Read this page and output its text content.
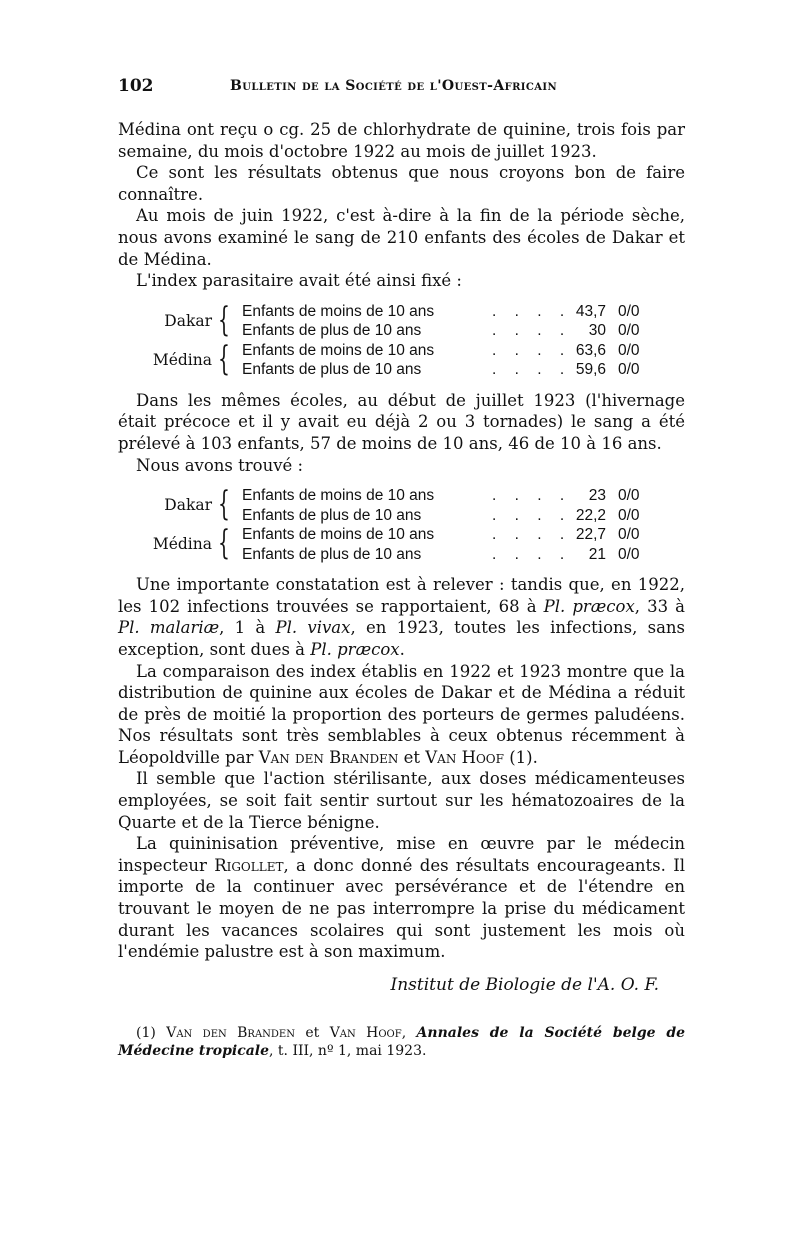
102	Bulletin de la Société de l'Ouest-Africain

Médina ont reçu o cg. 25 de chlorhydrate de quinine, trois fois par semaine, du mois d'octobre 1922 au mois de juillet 1923.

Ce sont les résultats obtenus que nous croyons bon de faire connaître.

Au mois de juin 1922, c'est à-dire à la fin de la période sèche, nous avons examiné le sang de 210 enfants des écoles de Dakar et de Médina.

L'index parasitaire avait été ainsi fixé :

Dakar { Enfants de moins de 10 ans	. . . . 43,7 0/0
Enfants de plus de 10 ans	. . . .	30 0/0
Médina { Enfants de moins de 10 ans	. . . . 63,6 0/0
Enfants de plus de 10 ans	. . . . 59,6 0/0

Dans les mêmes écoles, au début de juillet 1923 (l'hivernage était précoce et il y avait eu déjà 2 ou 3 tornades) le sang a été prélevé à 103 enfants, 57 de moins de 10 ans, 46 de 10 à 16 ans.

Nous avons trouvé :

Dakar { Enfants de moins de 10 ans	. . . .	23 0/0
Enfants de plus de 10 ans	. . . . 22,2 0/0
Médina { Enfants de moins de 10 ans	. . . . 22,7 0/0
Enfants de plus de 10 ans	. . . .	21 0/0

Une importante constatation est à relever : tandis que, en 1922, les 102 infections trouvées se rapportaient, 68 à Pl. præcox, 33 à Pl. malariæ, 1 à Pl. vivax, en 1923, toutes les infections, sans exception, sont dues à Pl. præcox.

La comparaison des index établis en 1922 et 1923 montre que la distribution de quinine aux écoles de Dakar et de Médina a réduit de près de moitié la proportion des porteurs de germes paludéens. Nos résultats sont très semblables à ceux obtenus récemment à Léopoldville par Van den Branden et Van Hoof (1).

Il semble que l'action stérilisante, aux doses médicamenteuses employées, se soit fait sentir surtout sur les hématozoaires de la Quarte et de la Tierce bénigne.

La quininisation préventive, mise en œuvre par le médecin inspecteur Rigollet, a donc donné des résultats encourageants. Il importe de la continuer avec persévérance et de l'étendre en trouvant le moyen de ne pas interrompre la prise du médicament durant les vacances scolaires qui sont justement les mois où l'endémie palustre est à son maximum.

Institut de Biologie de l'A. O. F.

(1) Van den Branden et Van Hoof, Annales de la Société belge de Médecine tropicale, t. III, nº 1, mai 1923.
